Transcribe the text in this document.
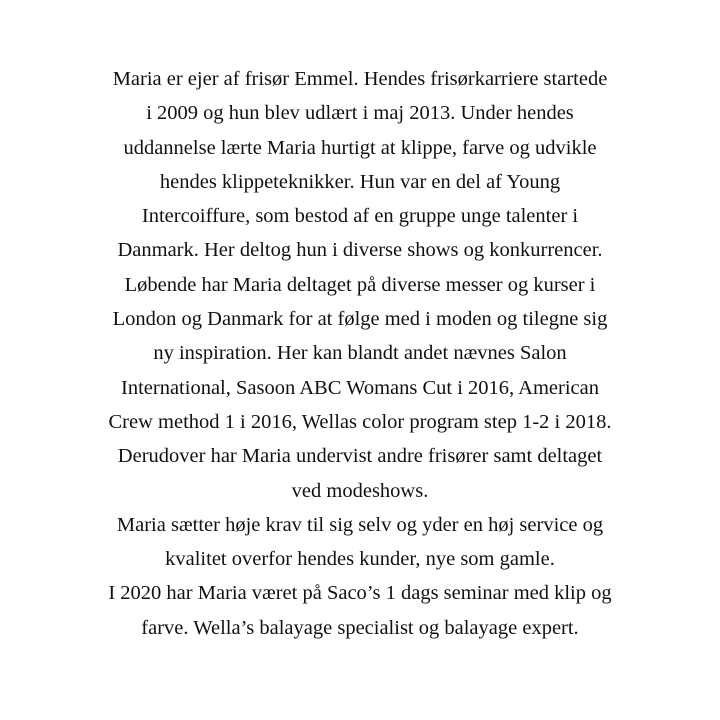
Maria er ejer af frisør Emmel. Hendes frisørkarriere startede
i 2009 og hun blev udlært i maj 2013. Under hendes
uddannelse lærte Maria hurtigt at klippe, farve og udvikle
hendes klippeteknikker. Hun var en del af Young
Intercoiffure, som bestod af en gruppe unge talenter i
Danmark. Her deltog hun i diverse shows og konkurrencer.
Løbende har Maria deltaget på diverse messer og kurser i
London og Danmark for at følge med i moden og tilegne sig
ny inspiration. Her kan blandt andet nævnes Salon
International, Sasoon ABC Womans Cut i 2016, American
Crew method 1 i 2016, Wellas color program step 1-2 i 2018.
Derudover har Maria undervist andre frisører samt deltaget
ved modeshows.
Maria sætter høje krav til sig selv og yder en høj service og
kvalitet overfor hendes kunder, nye som gamle.
I 2020 har Maria været på Saco’s 1 dags seminar med klip og
farve. Wella’s balayage specialist og balayage expert.
